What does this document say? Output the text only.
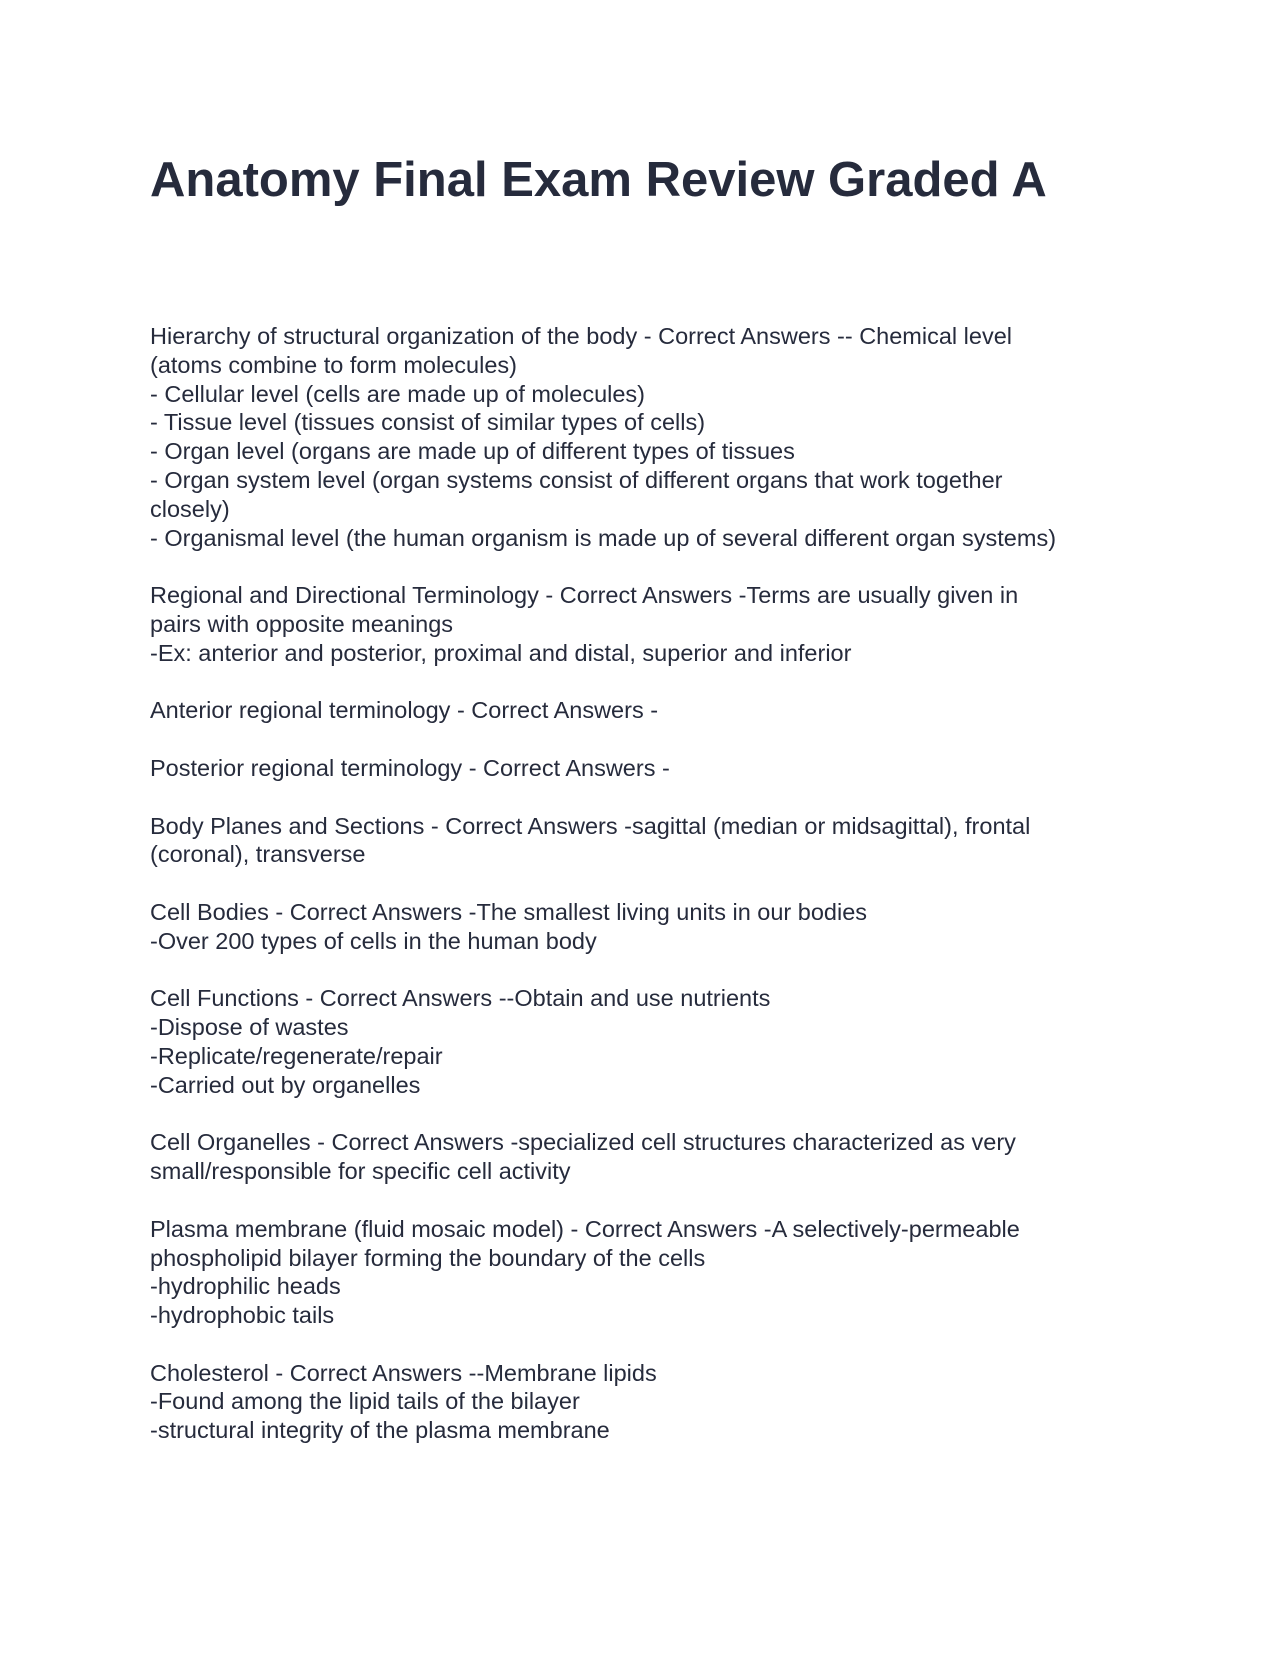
Anatomy Final Exam Review Graded A
Hierarchy of structural organization of the body - Correct Answers -- Chemical level
(atoms combine to form molecules)
- Cellular level (cells are made up of molecules)
- Tissue level (tissues consist of similar types of cells)
- Organ level (organs are made up of different types of tissues
- Organ system level (organ systems consist of different organs that work together
closely)
- Organismal level (the human organism is made up of several different organ systems)
Regional and Directional Terminology - Correct Answers -Terms are usually given in
pairs with opposite meanings
-Ex: anterior and posterior, proximal and distal, superior and inferior
Anterior regional terminology - Correct Answers -
Posterior regional terminology - Correct Answers -
Body Planes and Sections - Correct Answers -sagittal (median or midsagittal), frontal
(coronal), transverse
Cell Bodies - Correct Answers -The smallest living units in our bodies
-Over 200 types of cells in the human body
Cell Functions - Correct Answers --Obtain and use nutrients
-Dispose of wastes
-Replicate/regenerate/repair
-Carried out by organelles
Cell Organelles - Correct Answers -specialized cell structures characterized as very
small/responsible for specific cell activity
Plasma membrane (fluid mosaic model) - Correct Answers -A selectively-permeable
phospholipid bilayer forming the boundary of the cells
-hydrophilic heads
-hydrophobic tails
Cholesterol - Correct Answers --Membrane lipids
-Found among the lipid tails of the bilayer
-structural integrity of the plasma membrane
